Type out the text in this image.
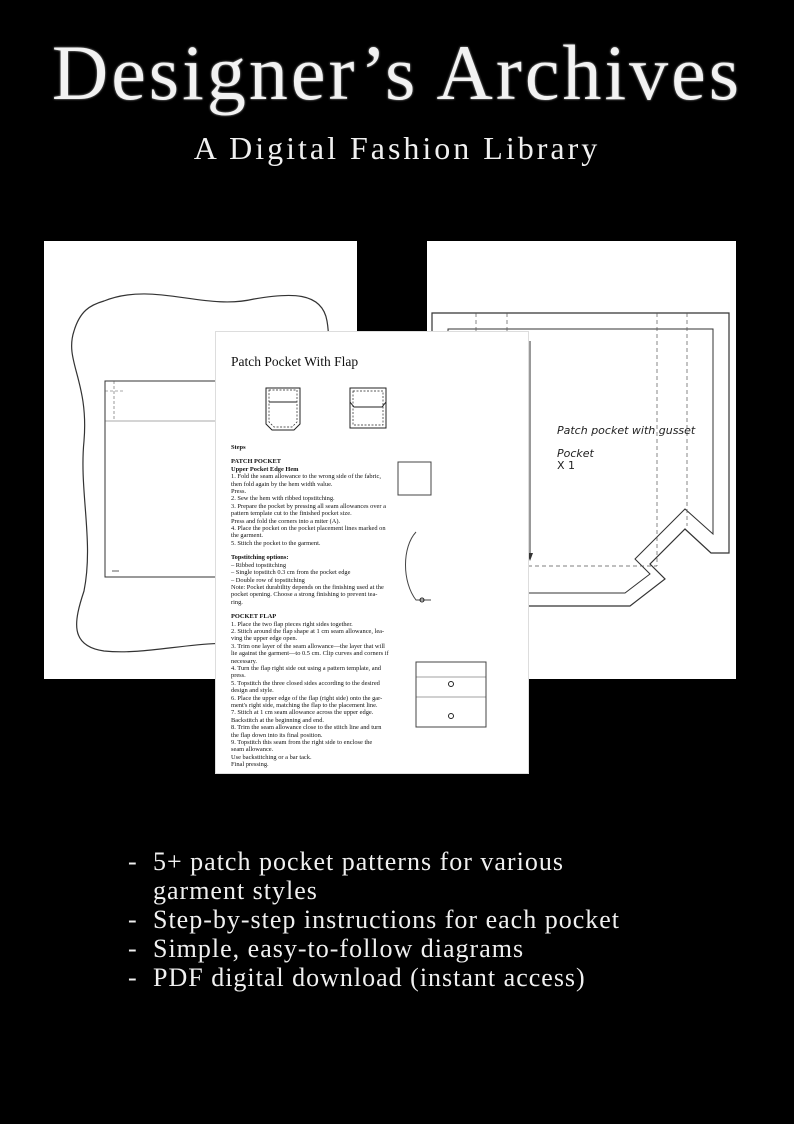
Designer’s Archives
A Digital Fashion Library
Patch pocket with gusset
Pocket
X 1
Patch Pocket With Flap
Steps
PATCH POCKET
Upper Pocket Edge Hem
1. Fold the seam allowance to the wrong side of the fabric,
then fold again by the hem width value.
Press.
2. Sew the hem with ribbed topstitching.
3. Prepare the pocket by pressing all seam allowances over a
pattern template cut to the finished pocket size.
Press and fold the corners into a miter (A).
4. Place the pocket on the pocket placement lines marked on
the garment.
5. Stitch the pocket to the garment.
Topstitching options:
– Ribbed topstitching
– Single topstitch 0.3 cm from the pocket edge
– Double row of topstitching
Note: Pocket durability depends on the finishing used at the
pocket opening. Choose a strong finishing to prevent tea-
ring.
POCKET FLAP
1. Place the two flap pieces right sides together.
2. Stitch around the flap shape at 1 cm seam allowance, lea-
ving the upper edge open.
3. Trim one layer of the seam allowance—the layer that will
lie against the garment—to 0.5 cm. Clip curves and corners if
necessary.
4. Turn the flap right side out using a pattern template, and
press.
5. Topstitch the three closed sides according to the desired
design and style.
6. Place the upper edge of the flap (right side) onto the gar-
ment's right side, matching the flap to the placement line.
7. Stitch at 1 cm seam allowance across the upper edge.
Backstitch at the beginning and end.
8. Trim the seam allowance close to the stitch line and turn
the flap down into its final position.
9. Topstitch this seam from the right side to enclose the
seam allowance.
Use backstitching or a bar tack.
Final pressing.
- 5+ patch pocket patterns for various
garment styles
- Step-by-step instructions for each pocket
- Simple, easy-to-follow diagrams
- PDF digital download (instant access)
